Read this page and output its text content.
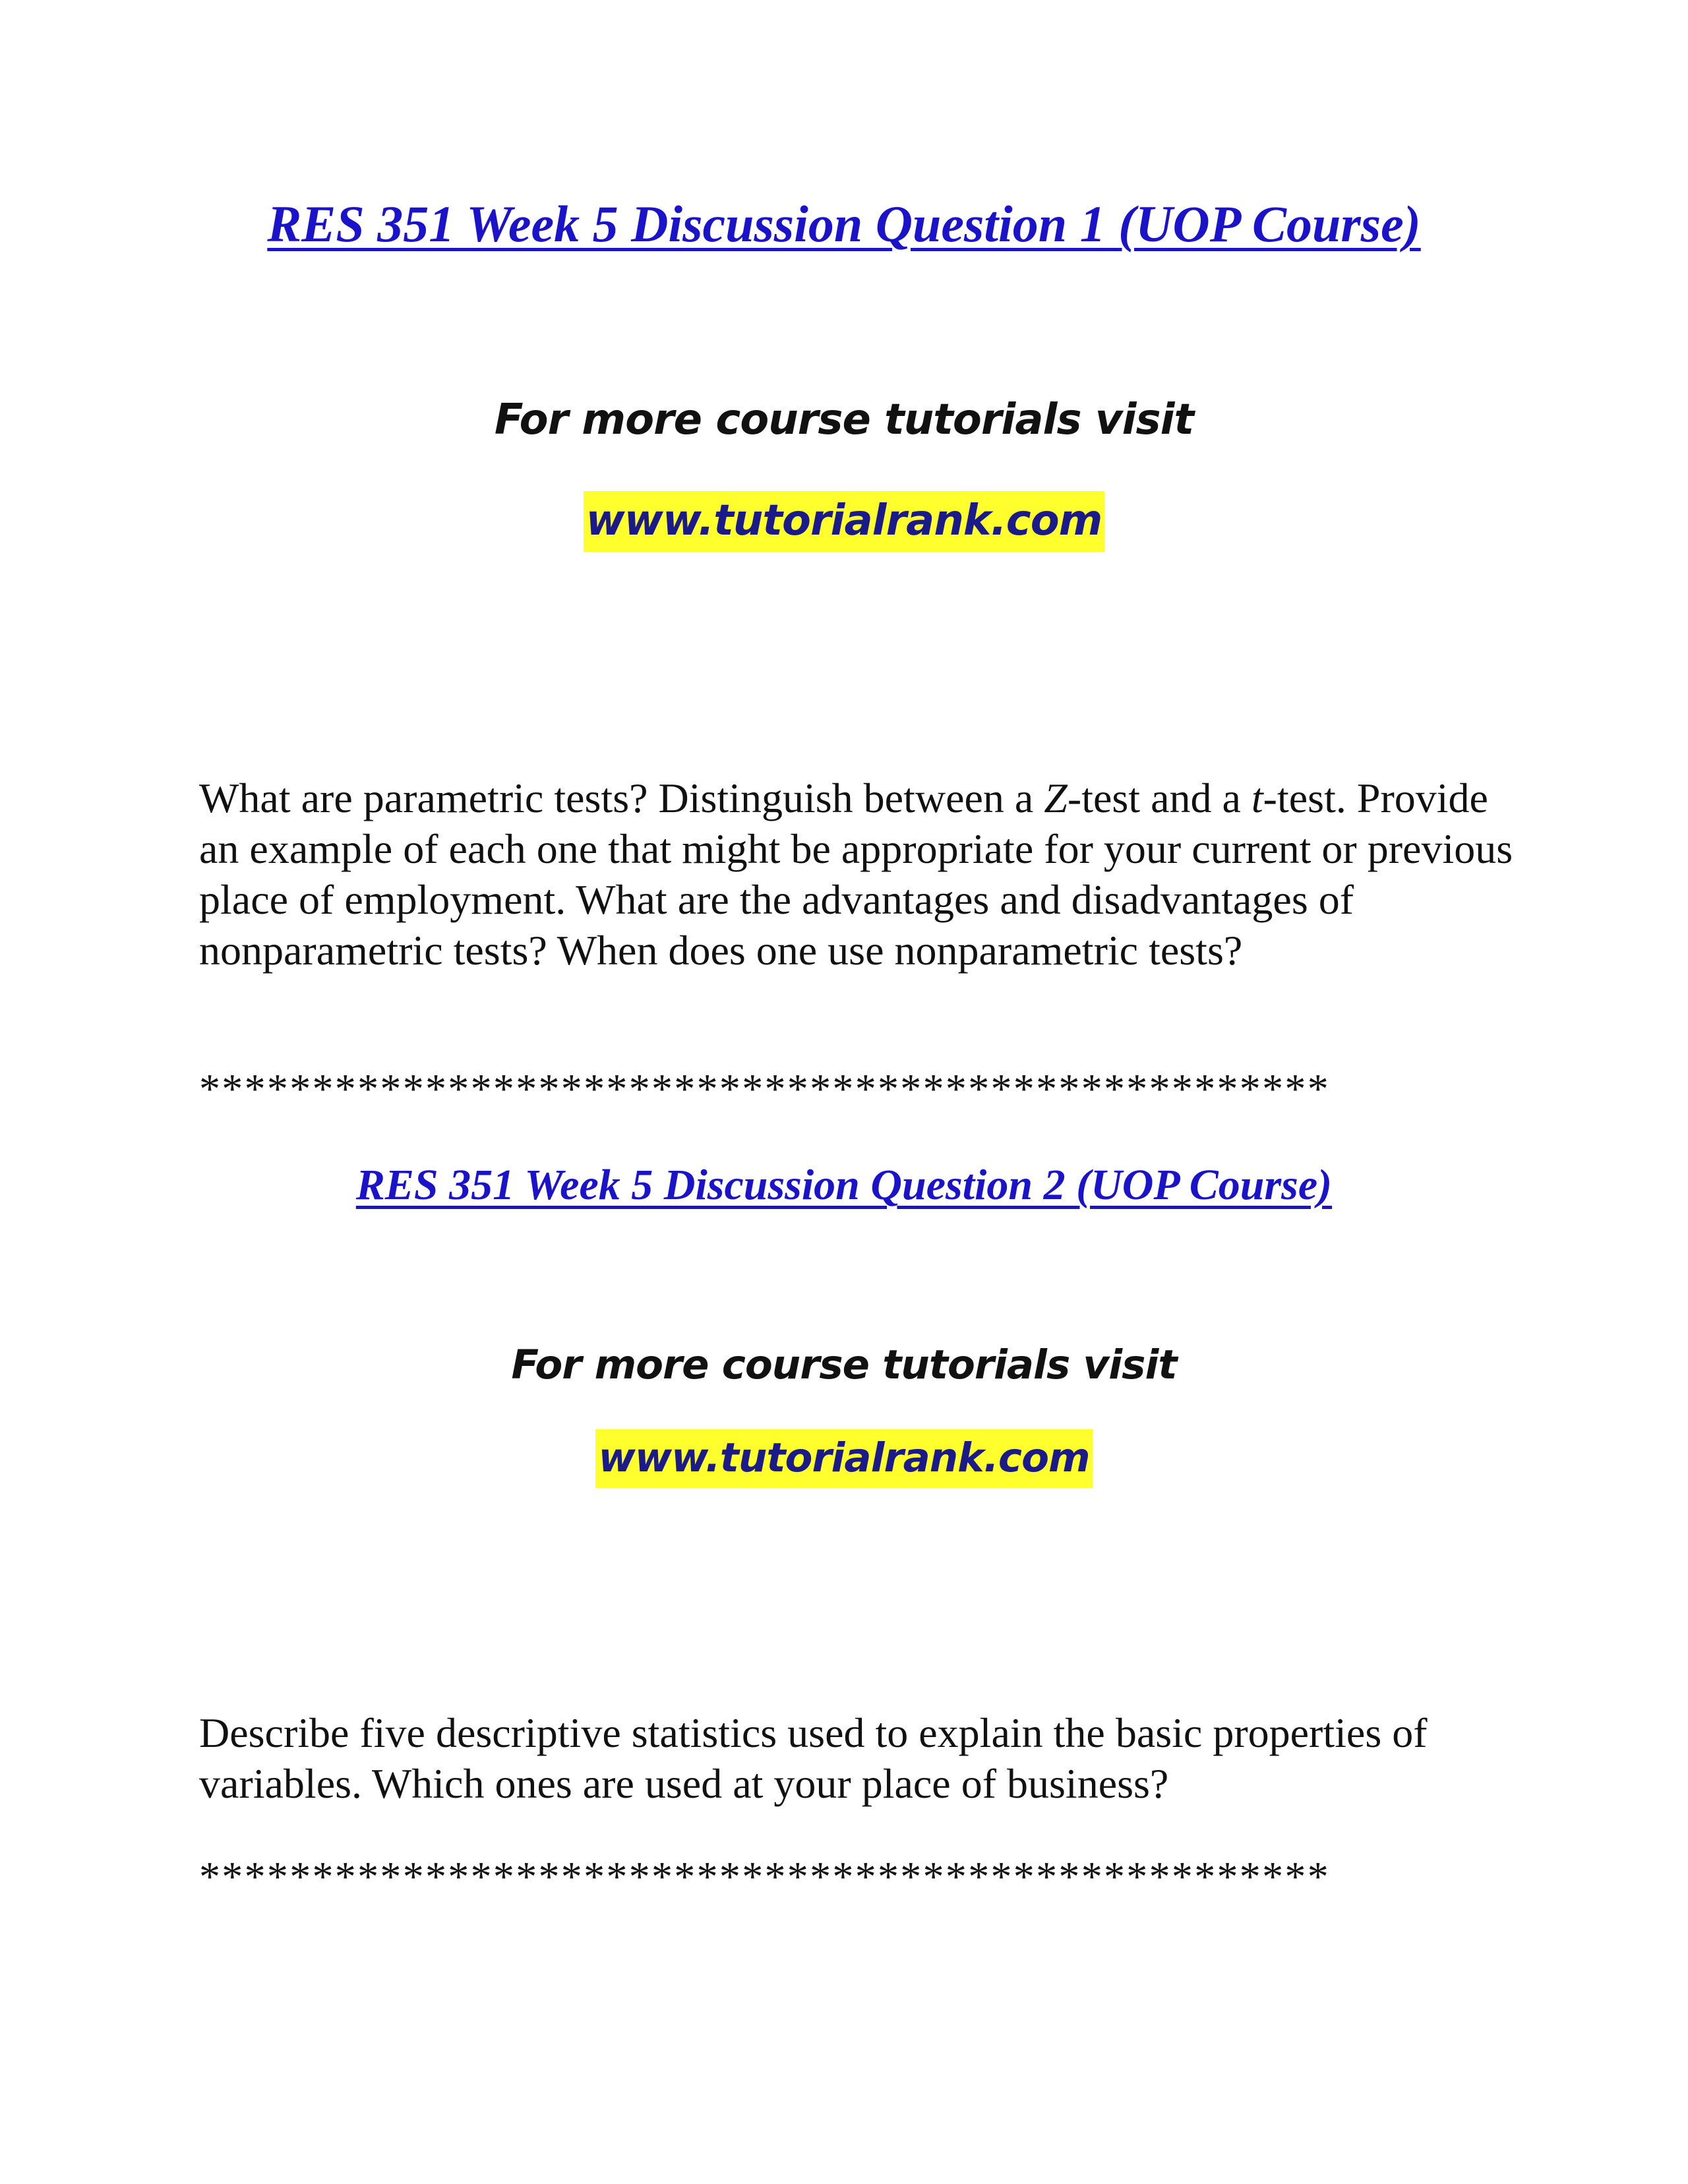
RES 351 Week 5 Discussion Question 1 (UOP Course)
For more course tutorials visit
www.tutorialrank.com
What are parametric tests? Distinguish between a Z-test and a t-test. Provide an example of each one that might be appropriate for your current or previous place of employment. What are the advantages and disadvantages of nonparametric tests? When does one use nonparametric tests?
**************************************************
RES 351 Week 5 Discussion Question 2 (UOP Course)
For more course tutorials visit
www.tutorialrank.com
Describe five descriptive statistics used to explain the basic properties of variables. Which ones are used at your place of business?
**************************************************
